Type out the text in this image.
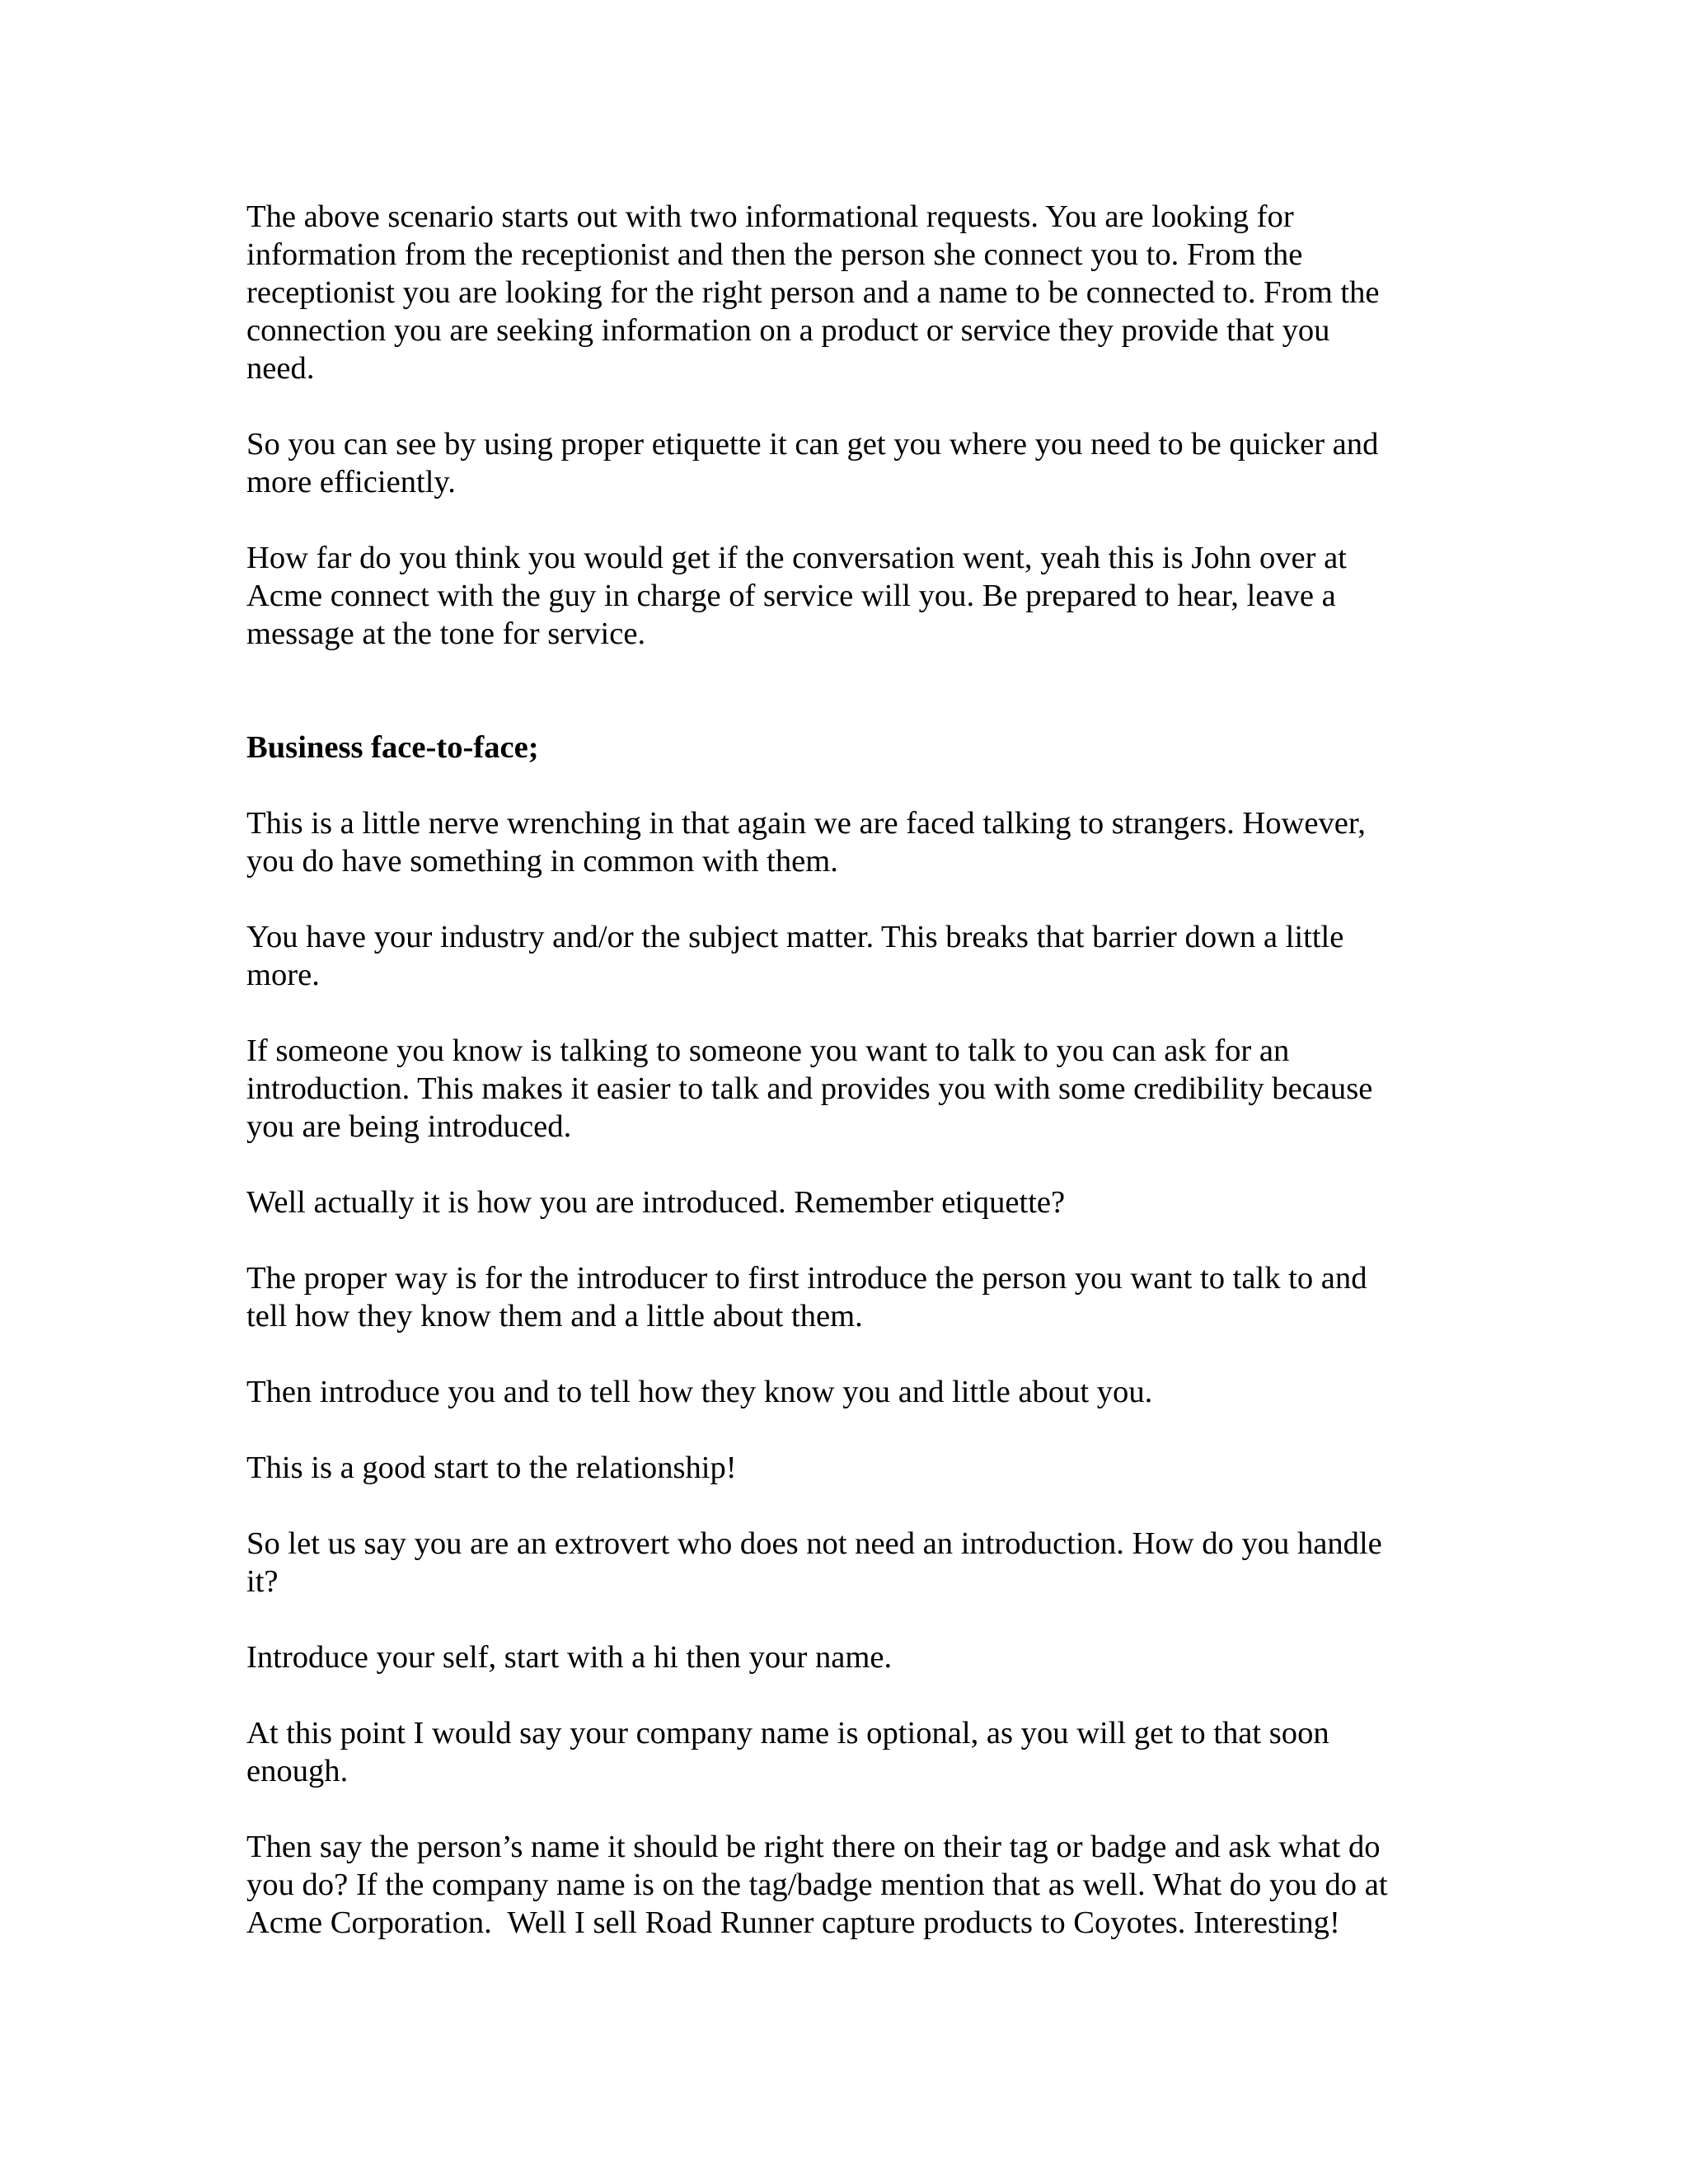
The above scenario starts out with two informational requests. You are looking for
information from the receptionist and then the person she connect you to. From the
receptionist you are looking for the right person and a name to be connected to. From the
connection you are seeking information on a product or service they provide that you
need.

So you can see by using proper etiquette it can get you where you need to be quicker and
more efficiently.

How far do you think you would get if the conversation went, yeah this is John over at
Acme connect with the guy in charge of service will you. Be prepared to hear, leave a
message at the tone for service.

Business face-to-face;

This is a little nerve wrenching in that again we are faced talking to strangers. However,
you do have something in common with them.

You have your industry and/or the subject matter. This breaks that barrier down a little
more.

If someone you know is talking to someone you want to talk to you can ask for an
introduction. This makes it easier to talk and provides you with some credibility because
you are being introduced.

Well actually it is how you are introduced. Remember etiquette?

The proper way is for the introducer to first introduce the person you want to talk to and
tell how they know them and a little about them.

Then introduce you and to tell how they know you and little about you.

This is a good start to the relationship!

So let us say you are an extrovert who does not need an introduction. How do you handle
it?

Introduce your self, start with a hi then your name.

At this point I would say your company name is optional, as you will get to that soon
enough.

Then say the person’s name it should be right there on their tag or badge and ask what do
you do? If the company name is on the tag/badge mention that as well. What do you do at
Acme Corporation.  Well I sell Road Runner capture products to Coyotes. Interesting!
